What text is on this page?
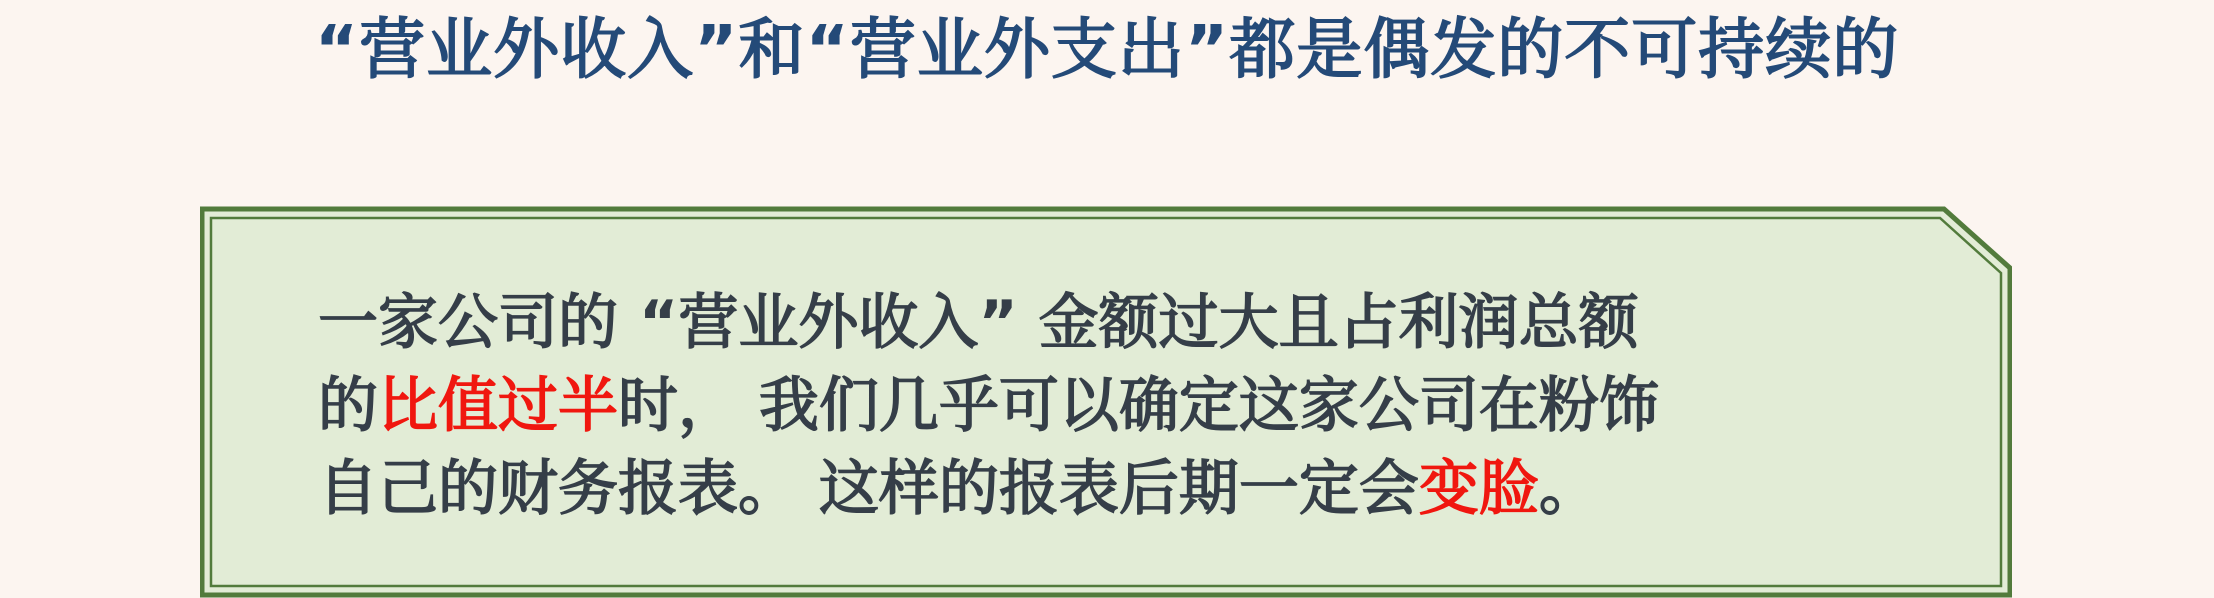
“营业外收入”和“营业外支出”都是偶发的不可持续的
一家公司的 “营业外收入” 金额过大且占利润总额
的比值过半时， 我们几乎可以确定这家公司在粉饰
自己的财务报表。 这样的报表后期一定会变脸。
